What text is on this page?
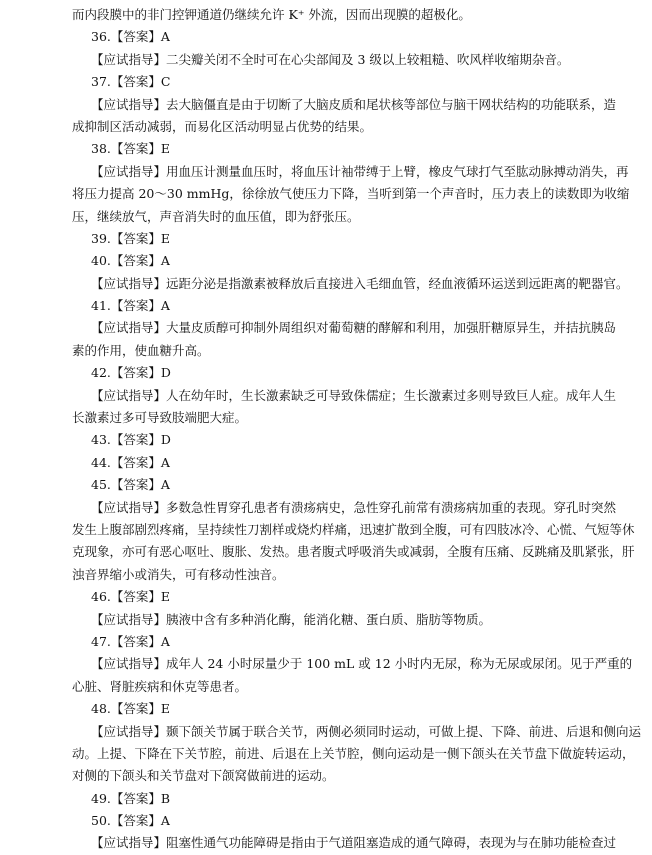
而内段膜中的非门控钾通道仍继续允许 K⁺ 外流，因而出现膜的超极化。
36.【答案】A
【应试指导】二尖瓣关闭不全时可在心尖部闻及 3 级以上较粗糙、吹风样收缩期杂音。
37.【答案】C
【应试指导】去大脑僵直是由于切断了大脑皮质和尾状核等部位与脑干网状结构的功能联系，造
成抑制区活动减弱，而易化区活动明显占优势的结果。
38.【答案】E
【应试指导】用血压计测量血压时，将血压计袖带缚于上臂，橡皮气球打气至肱动脉搏动消失，再
将压力提高 20～30 mmHg，徐徐放气使压力下降，当听到第一个声音时，压力表上的读数即为收缩
压，继续放气，声音消失时的血压值，即为舒张压。
39.【答案】E
40.【答案】A
【应试指导】远距分泌是指激素被释放后直接进入毛细血管，经血液循环运送到远距离的靶器官。
41.【答案】A
【应试指导】大量皮质醇可抑制外周组织对葡萄糖的酵解和利用，加强肝糖原异生，并拮抗胰岛
素的作用，使血糖升高。
42.【答案】D
【应试指导】人在幼年时，生长激素缺乏可导致侏儒症；生长激素过多则导致巨人症。成年人生
长激素过多可导致肢端肥大症。
43.【答案】D
44.【答案】A
45.【答案】A
【应试指导】多数急性胃穿孔患者有溃疡病史，急性穿孔前常有溃疡病加重的表现。穿孔时突然
发生上腹部剧烈疼痛，呈持续性刀割样或烧灼样痛，迅速扩散到全腹，可有四肢冰冷、心慌、气短等休
克现象，亦可有恶心呕吐、腹胀、发热。患者腹式呼吸消失或减弱，全腹有压痛、反跳痛及肌紧张，肝
浊音界缩小或消失，可有移动性浊音。
46.【答案】E
【应试指导】胰液中含有多种消化酶，能消化糖、蛋白质、脂肪等物质。
47.【答案】A
【应试指导】成年人 24 小时尿量少于 100 mL 或 12 小时内无尿，称为无尿或尿闭。见于严重的
心脏、肾脏疾病和休克等患者。
48.【答案】E
【应试指导】颞下颌关节属于联合关节，两侧必须同时运动，可做上提、下降、前进、后退和侧向运
动。上提、下降在下关节腔，前进、后退在上关节腔，侧向运动是一侧下颌头在关节盘下做旋转运动，
对侧的下颌头和关节盘对下颌窝做前进的运动。
49.【答案】B
50.【答案】A
【应试指导】阻塞性通气功能障碍是指由于气道阻塞造成的通气障碍，表现为与在肺功能检查过
